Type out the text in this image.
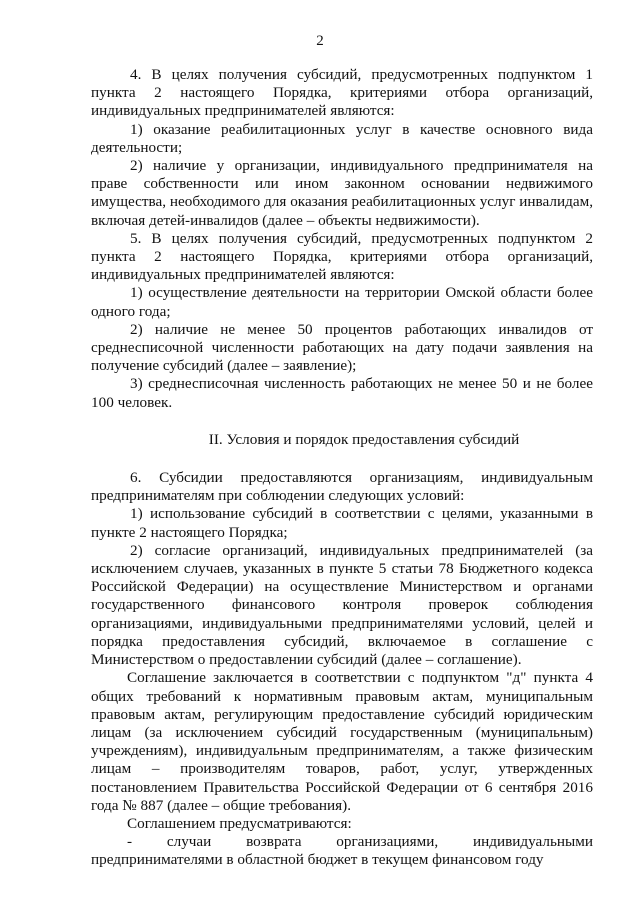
2

4. В целях получения субсидий, предусмотренных подпунктом 1 пункта 2 настоящего Порядка, критериями отбора организаций, индивидуальных предпринимателей являются:

1) оказание реабилитационных услуг в качестве основного вида деятельности;

2) наличие у организации, индивидуального предпринимателя на праве собственности или ином законном основании недвижимого имущества, необходимого для оказания реабилитационных услуг инвалидам, включая детей-инвалидов (далее – объекты недвижимости).

5. В целях получения субсидий, предусмотренных подпунктом 2 пункта 2 настоящего Порядка, критериями отбора организаций, индивидуальных предпринимателей являются:

1) осуществление деятельности на территории Омской области более одного года;

2) наличие не менее 50 процентов работающих инвалидов от среднесписочной численности работающих на дату подачи заявления на получение субсидий (далее – заявление);

3) среднесписочная численность работающих не менее 50 и не более 100 человек.

II. Условия и порядок предоставления субсидий

6. Субсидии предоставляются организациям, индивидуальным предпринимателям при соблюдении следующих условий:

1) использование субсидий в соответствии с целями, указанными в пункте 2 настоящего Порядка;

2) согласие организаций, индивидуальных предпринимателей (за исключением случаев, указанных в пункте 5 статьи 78 Бюджетного кодекса Российской Федерации) на осуществление Министерством и органами государственного финансового контроля проверок соблюдения организациями, индивидуальными предпринимателями условий, целей и порядка предоставления субсидий, включаемое в соглашение с Министерством о предоставлении субсидий (далее – соглашение).

Соглашение заключается в соответствии с подпунктом "д" пункта 4 общих требований к нормативным правовым актам, муниципальным правовым актам, регулирующим предоставление субсидий юридическим лицам (за исключением субсидий государственным (муниципальным) учреждениям), индивидуальным предпринимателям, а также физическим лицам – производителям товаров, работ, услуг, утвержденных постановлением Правительства Российской Федерации от 6 сентября 2016 года № 887 (далее – общие требования).

Соглашением предусматриваются:

- случаи возврата организациями, индивидуальными предпринимателями в областной бюджет в текущем финансовом году
